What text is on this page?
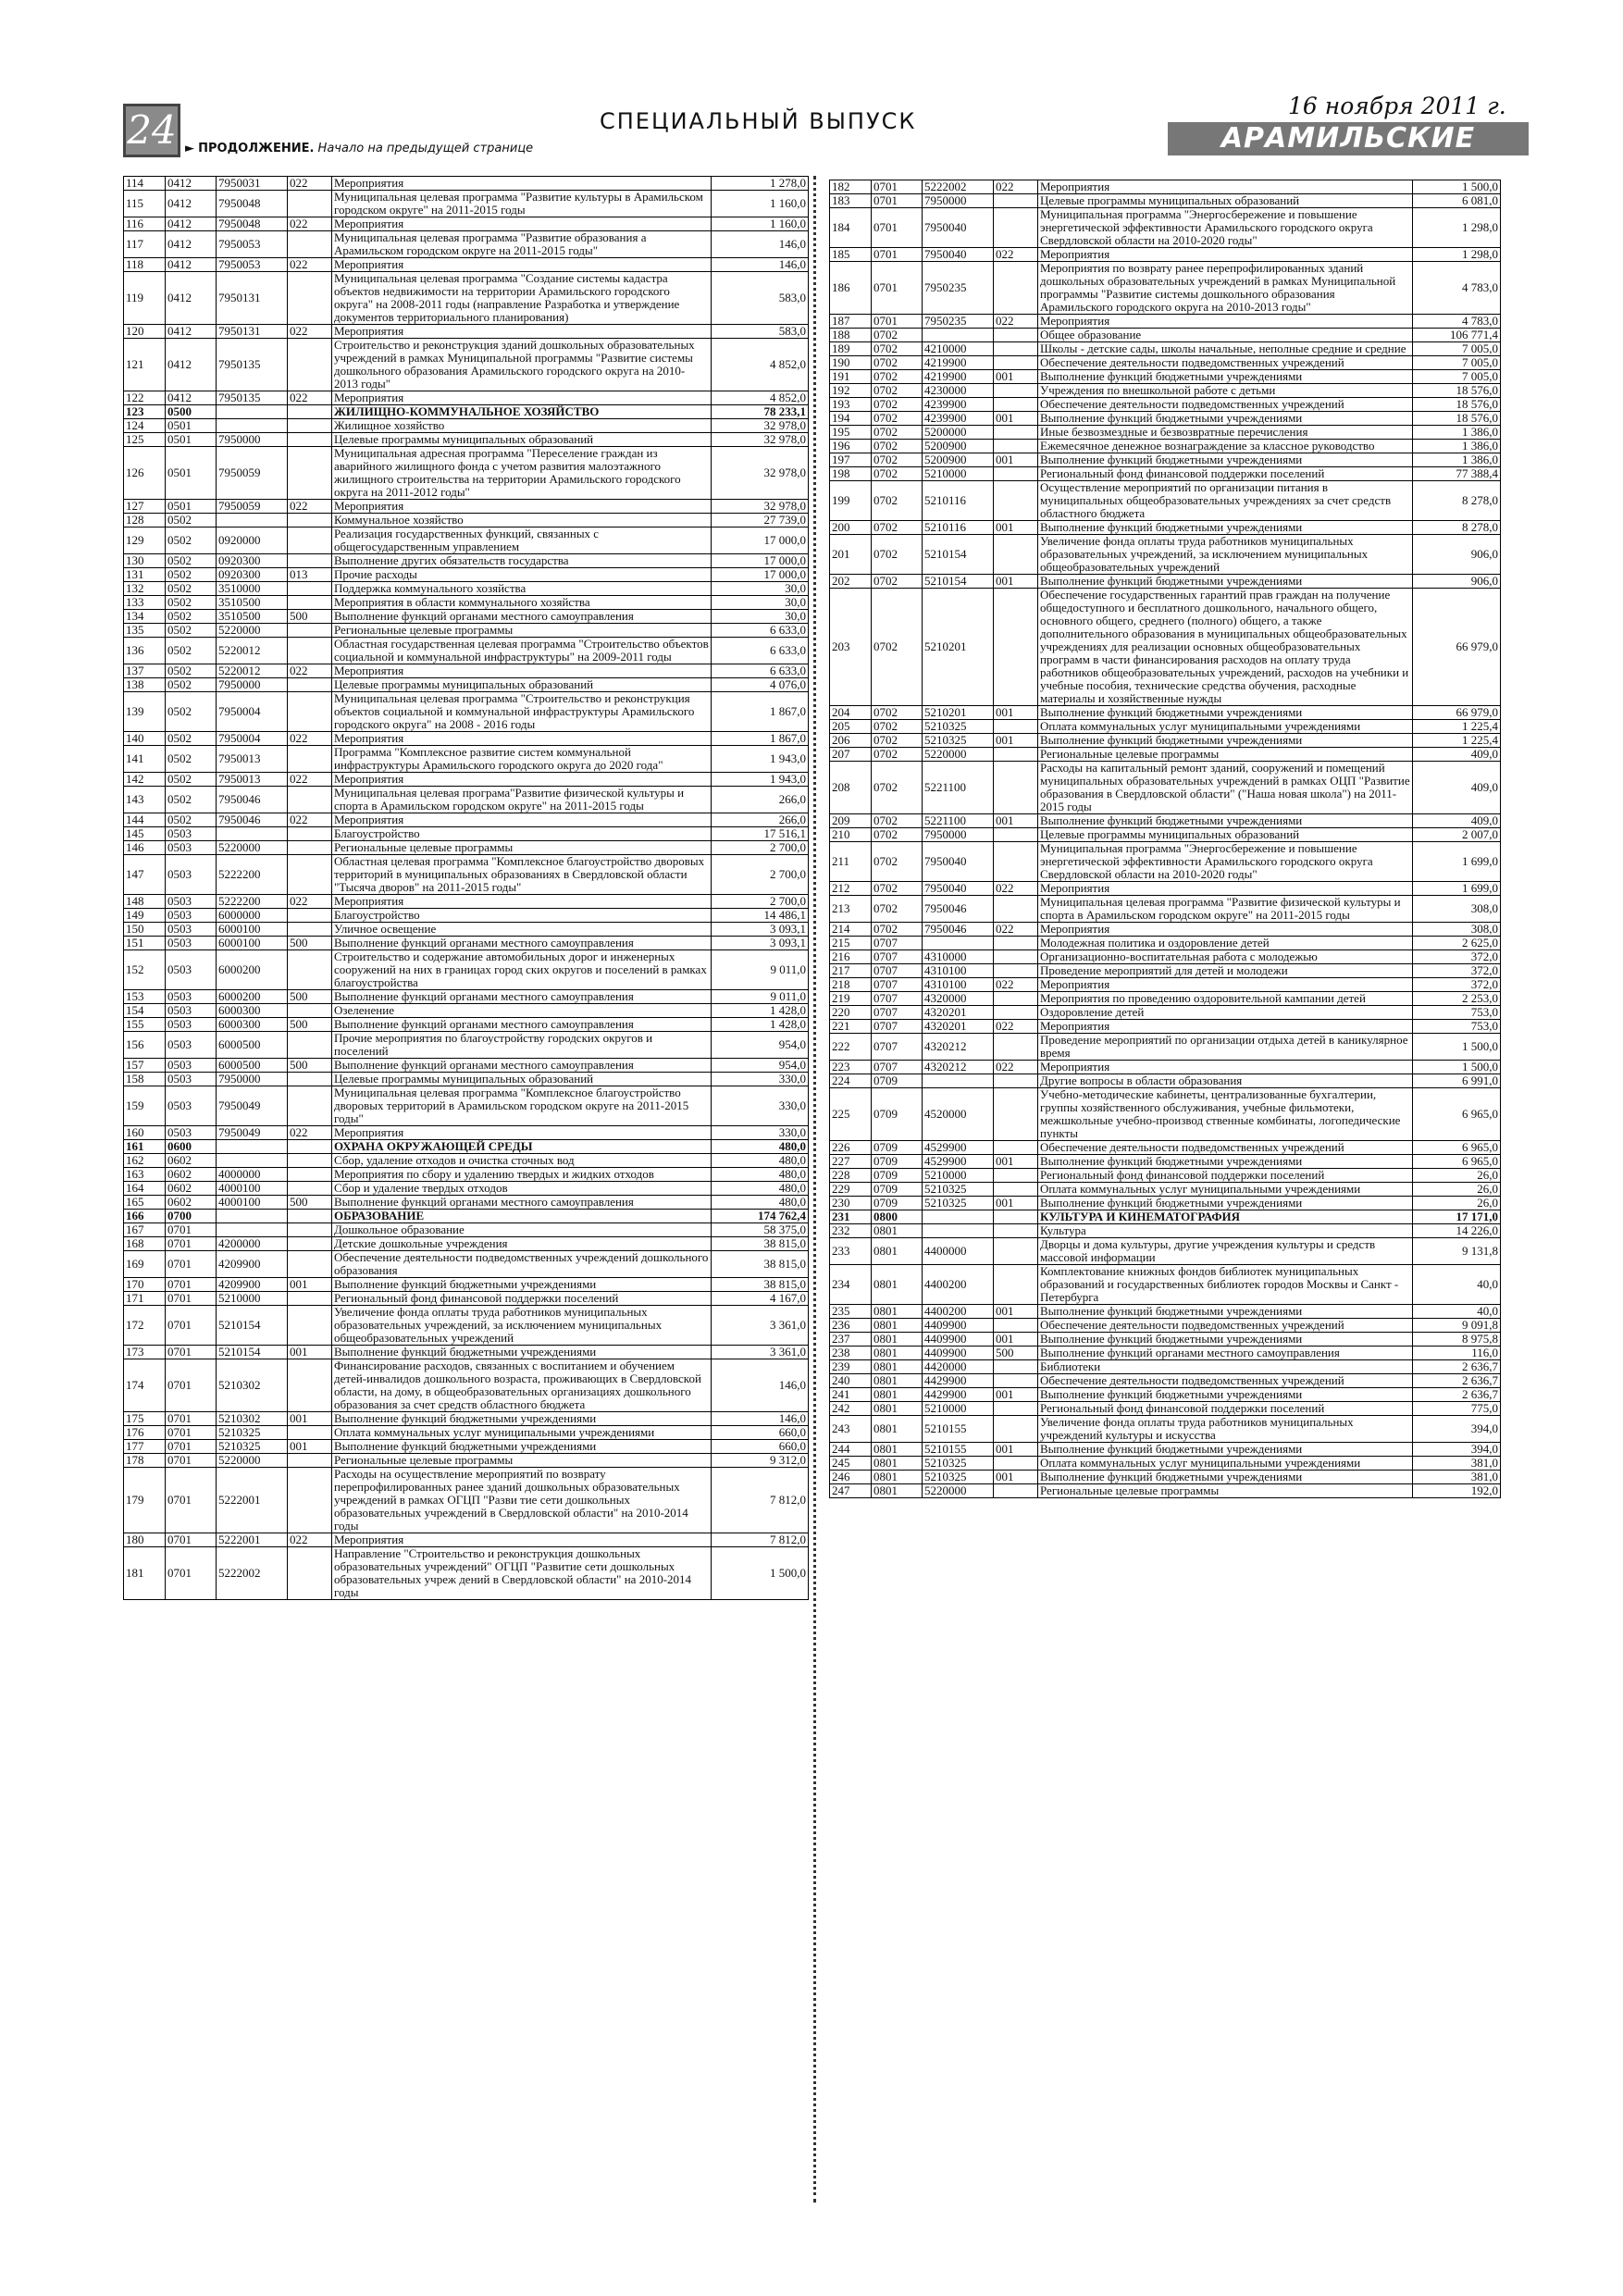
24 ► ПРОДОЛЖЕНИЕ. Начало на предыдущей странице
СПЕЦИАЛЬНЫЙ ВЫПУСК
16 ноября 2011 г.
АРАМИЛЬСКИЕ ВЕСТИ №10
114	0412	7950031	022	Мероприятия	1 278,0
115	0412	7950048		Муниципальная целевая программа "Развитие культуры в Арамильском городском округе" на 2011-2015 годы	1 160,0
116	0412	7950048	022	Мероприятия	1 160,0
117	0412	7950053		Муниципальная целевая программа "Развитие образования а Арамильском городском округе на 2011-2015 годы"	146,0
118	0412	7950053	022	Мероприятия	146,0
119	0412	7950131		Муниципальная целевая программа "Создание системы кадастра объектов недвижимости на территории Арамильского городского округа" на 2008-2011 годы (направление Разработка и утверждение документов территориального планирования)	583,0
120	0412	7950131	022	Мероприятия	583,0
121	0412	7950135		Строительство и реконструкция зданий дошкольных образовательных учреждений в рамках Муниципальной программы "Развитие системы дошкольного образования Арамильского городского округа на 2010-2013 годы"	4 852,0
122	0412	7950135	022	Мероприятия	4 852,0
123	0500			ЖИЛИЩНО-КОММУНАЛЬНОЕ ХОЗЯЙСТВО	78 233,1
124	0501			Жилищное хозяйство	32 978,0
125	0501	7950000		Целевые программы муниципальных образований	32 978,0
126	0501	7950059		Муниципальная адресная программа "Переселение граждан из аварийного жилищного фонда с учетом развития малоэтажного жилищного строительства на территории Арамильского городского округа на 2011-2012 годы"	32 978,0
127	0501	7950059	022	Мероприятия	32 978,0
128	0502			Коммунальное хозяйство	27 739,0
129	0502	0920000		Реализация государственных функций, связанных с общегосударственным управлением	17 000,0
130	0502	0920300		Выполнение других обязательств государства	17 000,0
131	0502	0920300	013	Прочие расходы	17 000,0
132	0502	3510000		Поддержка коммунального хозяйства	30,0
133	0502	3510500		Мероприятия в области коммунального хозяйства	30,0
134	0502	3510500	500	Выполнение функций органами местного самоуправления	30,0
135	0502	5220000		Региональные целевые программы	6 633,0
136	0502	5220012		Областная государственная целевая программа "Строительство объектов социальной и коммунальной инфраструктуры" на 2009-2011 годы	6 633,0
137	0502	5220012	022	Мероприятия	6 633,0
138	0502	7950000		Целевые программы муниципальных образований	4 076,0
139	0502	7950004		Муниципальная целевая программа "Строительство и реконструкция объектов социальной и коммунальной инфраструктуры Арамильского городского округа" на 2008 - 2016 годы	1 867,0
140	0502	7950004	022	Мероприятия	1 867,0
141	0502	7950013		Программа "Комплексное развитие систем коммунальной инфраструктуры Арамильского городского округа до 2020 года"	1 943,0
142	0502	7950013	022	Мероприятия	1 943,0
143	0502	7950046		Муниципальная целевая програма"Развитие физической культуры и спорта в Арамильском городском округе" на 2011-2015 годы	266,0
144	0502	7950046	022	Мероприятия	266,0
145	0503			Благоустройство	17 516,1
146	0503	5220000		Региональные целевые программы	2 700,0
147	0503	5222200		Областная целевая программа "Комплексное благоустройство дворовых территорий в муниципальных образованиях в Свердловской области "Тысяча дворов" на 2011-2015 годы"	2 700,0
148	0503	5222200	022	Мероприятия	2 700,0
149	0503	6000000		Благоустройство	14 486,1
150	0503	6000100		Уличное освещение	3 093,1
151	0503	6000100	500	Выполнение функций органами местного самоуправления	3 093,1
152	0503	6000200		Строительство и содержание автомобильных дорог и инженерных сооружений на них в границах город ских округов и поселений в рамках благоустройства	9 011,0
153	0503	6000200	500	Выполнение функций органами местного самоуправления	9 011,0
154	0503	6000300		Озеленение	1 428,0
155	0503	6000300	500	Выполнение функций органами местного самоуправления	1 428,0
156	0503	6000500		Прочие мероприятия по благоустройству городских округов и поселений	954,0
157	0503	6000500	500	Выполнение функций органами местного самоуправления	954,0
158	0503	7950000		Целевые программы муниципальных образований	330,0
159	0503	7950049		Муниципальная целевая программа "Комплексное благоустройство дворовых территорий в Арамильском городском округе на 2011-2015 годы"	330,0
160	0503	7950049	022	Мероприятия	330,0
161	0600			ОХРАНА ОКРУЖАЮЩЕЙ СРЕДЫ	480,0
162	0602			Сбор, удаление отходов и очистка сточных вод	480,0
163	0602	4000000		Мероприятия по сбору и удалению твердых и жидких отходов	480,0
164	0602	4000100		Сбор и удаление твердых отходов	480,0
165	0602	4000100	500	Выполнение функций органами местного самоуправления	480,0
166	0700			ОБРАЗОВАНИЕ	174 762,4
167	0701			Дошкольное образование	58 375,0
168	0701	4200000		Детские дошкольные учреждения	38 815,0
169	0701	4209900		Обеспечение деятельности подведомственных учреждений дошкольного образования	38 815,0
170	0701	4209900	001	Выполнение функций бюджетными учреждениями	38 815,0
171	0701	5210000		Региональный фонд финансовой поддержки поселений	4 167,0
172	0701	5210154		Увеличение фонда оплаты труда работников муниципальных образовательных учреждений, за исключением муниципальных общеобразовательных учреждений	3 361,0
173	0701	5210154	001	Выполнение функций бюджетными учреждениями	3 361,0
174	0701	5210302		Финансирование расходов, связанных с воспитанием и обучением детей-инвалидов дошкольного возраста, проживающих в Свердловской области, на дому, в общеобразовательных организациях дошкольного образования за счет средств областного бюджета	146,0
175	0701	5210302	001	Выполнение функций бюджетными учреждениями	146,0
176	0701	5210325		Оплата коммунальных услуг муниципальными учреждениями	660,0
177	0701	5210325	001	Выполнение функций бюджетными учреждениями	660,0
178	0701	5220000		Региональные целевые программы	9 312,0
179	0701	5222001		Расходы на осуществление мероприятий по возврату перепрофилированных ранее зданий дошкольных образовательных учреждений в рамках ОГЦП "Разви тие сети дошкольных образовательных учреждений в Свердловской области" на 2010-2014 годы	7 812,0
180	0701	5222001	022	Мероприятия	7 812,0
181	0701	5222002		Направление "Строительство и реконструкция дошкольных образовательных учреждений" ОГЦП "Развитие сети дошкольных образовательных учреж дений в Свердловской области" на 2010-2014 годы	1 500,0
182	0701	5222002	022	Мероприятия	1 500,0
183	0701	7950000		Целевые программы муниципальных образований	6 081,0
184	0701	7950040		Муниципальная программа "Энергосбережение и повышение энергетической эффективности Арамильского городского округа Свердловской области на 2010-2020 годы"	1 298,0
185	0701	7950040	022	Мероприятия	1 298,0
186	0701	7950235		Мероприятия по возврату ранее перепрофилированных зданий дошкольных образовательных учреждений в рамках Муниципальной программы "Развитие системы дошкольного образования Арамильского городского округа на 2010-2013 годы"	4 783,0
187	0701	7950235	022	Мероприятия	4 783,0
188	0702			Общее образование	106 771,4
189	0702	4210000		Школы - детские сады, школы начальные, неполные средние и средние	7 005,0
190	0702	4219900		Обеспечение деятельности подведомственных учреждений	7 005,0
191	0702	4219900	001	Выполнение функций бюджетными учреждениями	7 005,0
192	0702	4230000		Учреждения по внешкольной работе с детьми	18 576,0
193	0702	4239900		Обеспечение деятельности подведомственных учреждений	18 576,0
194	0702	4239900	001	Выполнение функций бюджетными учреждениями	18 576,0
195	0702	5200000		Иные безвозмездные и безвозвратные перечисления	1 386,0
196	0702	5200900		Ежемесячное денежное вознаграждение за классное руководство	1 386,0
197	0702	5200900	001	Выполнение функций бюджетными учреждениями	1 386,0
198	0702	5210000		Региональный фонд финансовой поддержки поселений	77 388,4
199	0702	5210116		Осуществление мероприятий по организации питания в муниципальных общеобразовательных учреждениях за счет средств областного бюджета	8 278,0
200	0702	5210116	001	Выполнение функций бюджетными учреждениями	8 278,0
201	0702	5210154		Увеличение фонда оплаты труда работников муниципальных образовательных учреждений, за исключением муниципальных общеобразовательных учреждений	906,0
202	0702	5210154	001	Выполнение функций бюджетными учреждениями	906,0
203	0702	5210201		Обеспечение государственных гарантий прав граждан на получение общедоступного и бесплатного дошкольного, начального общего, основного общего, среднего (полного) общего, а также дополнительного образования в муниципальных общеобразовательных учреждениях для реализации основных общеобразовательных программ в части финансирования расходов на оплату труда работников общеобразовательных учреждений, расходов на учебники и учебные пособия, технические средства обучения, расходные материалы и хозяйственные нужды	66 979,0
204	0702	5210201	001	Выполнение функций бюджетными учреждениями	66 979,0
205	0702	5210325		Оплата коммунальных услуг муниципальными учреждениями	1 225,4
206	0702	5210325	001	Выполнение функций бюджетными учреждениями	1 225,4
207	0702	5220000		Региональные целевые программы	409,0
208	0702	5221100		Расходы на капитальный ремонт зданий, сооружений и помещений муниципальных образовательных учреждений в рамках ОЦП "Развитие образования в Свердловской области" ("Наша новая школа") на 2011-2015 годы	409,0
209	0702	5221100	001	Выполнение функций бюджетными учреждениями	409,0
210	0702	7950000		Целевые программы муниципальных образований	2 007,0
211	0702	7950040		Муниципальная программа "Энергосбережение и повышение энергетической эффективности Арамильского городского округа Свердловской области на 2010-2020 годы"	1 699,0
212	0702	7950040	022	Мероприятия	1 699,0
213	0702	7950046		Муниципальная целевая программа "Развитие физической культуры и спорта в Арамильском городском округе" на 2011-2015 годы	308,0
214	0702	7950046	022	Мероприятия	308,0
215	0707			Молодежная политика и оздоровление детей	2 625,0
216	0707	4310000		Организационно-воспитательная работа с молодежью	372,0
217	0707	4310100		Проведение мероприятий для детей и молодежи	372,0
218	0707	4310100	022	Мероприятия	372,0
219	0707	4320000		Мероприятия по проведению оздоровительной кампании детей	2 253,0
220	0707	4320201		Оздоровление детей	753,0
221	0707	4320201	022	Мероприятия	753,0
222	0707	4320212		Проведение мероприятий по организации отдыха детей в каникулярное время	1 500,0
223	0707	4320212	022	Мероприятия	1 500,0
224	0709			Другие вопросы в области образования	6 991,0
225	0709	4520000		Учебно-методические кабинеты, централизованные бухгалтерии, группы хозяйственного обслуживания, учебные фильмотеки, межшкольные учебно-производ ственные комбинаты, логопедические пункты	6 965,0
226	0709	4529900		Обеспечение деятельности подведомственных учреждений	6 965,0
227	0709	4529900	001	Выполнение функций бюджетными учреждениями	6 965,0
228	0709	5210000		Региональный фонд финансовой поддержки поселений	26,0
229	0709	5210325		Оплата коммунальных услуг муниципальными учреждениями	26,0
230	0709	5210325	001	Выполнение функций бюджетными учреждениями	26,0
231	0800			КУЛЬТУРА И КИНЕМАТОГРАФИЯ	17 171,0
232	0801			Культура	14 226,0
233	0801	4400000		Дворцы и дома культуры, другие учреждения культуры и средств массовой информации	9 131,8
234	0801	4400200		Комплектование книжных фондов библиотек муниципальных образований и государственных библиотек городов Москвы и Санкт - Петербурга	40,0
235	0801	4400200	001	Выполнение функций бюджетными учреждениями	40,0
236	0801	4409900		Обеспечение деятельности подведомственных учреждений	9 091,8
237	0801	4409900	001	Выполнение функций бюджетными учреждениями	8 975,8
238	0801	4409900	500	Выполнение функций органами местного самоуправления	116,0
239	0801	4420000		Библиотеки	2 636,7
240	0801	4429900		Обеспечение деятельности подведомственных учреждений	2 636,7
241	0801	4429900	001	Выполнение функций бюджетными учреждениями	2 636,7
242	0801	5210000		Региональный фонд финансовой поддержки поселений	775,0
243	0801	5210155		Увеличение фонда оплаты труда работников муниципальных учреждений культуры и искусства	394,0
244	0801	5210155	001	Выполнение функций бюджетными учреждениями	394,0
245	0801	5210325		Оплата коммунальных услуг муниципальными учреждениями	381,0
246	0801	5210325	001	Выполнение функций бюджетными учреждениями	381,0
247	0801	5220000		Региональные целевые программы	192,0
